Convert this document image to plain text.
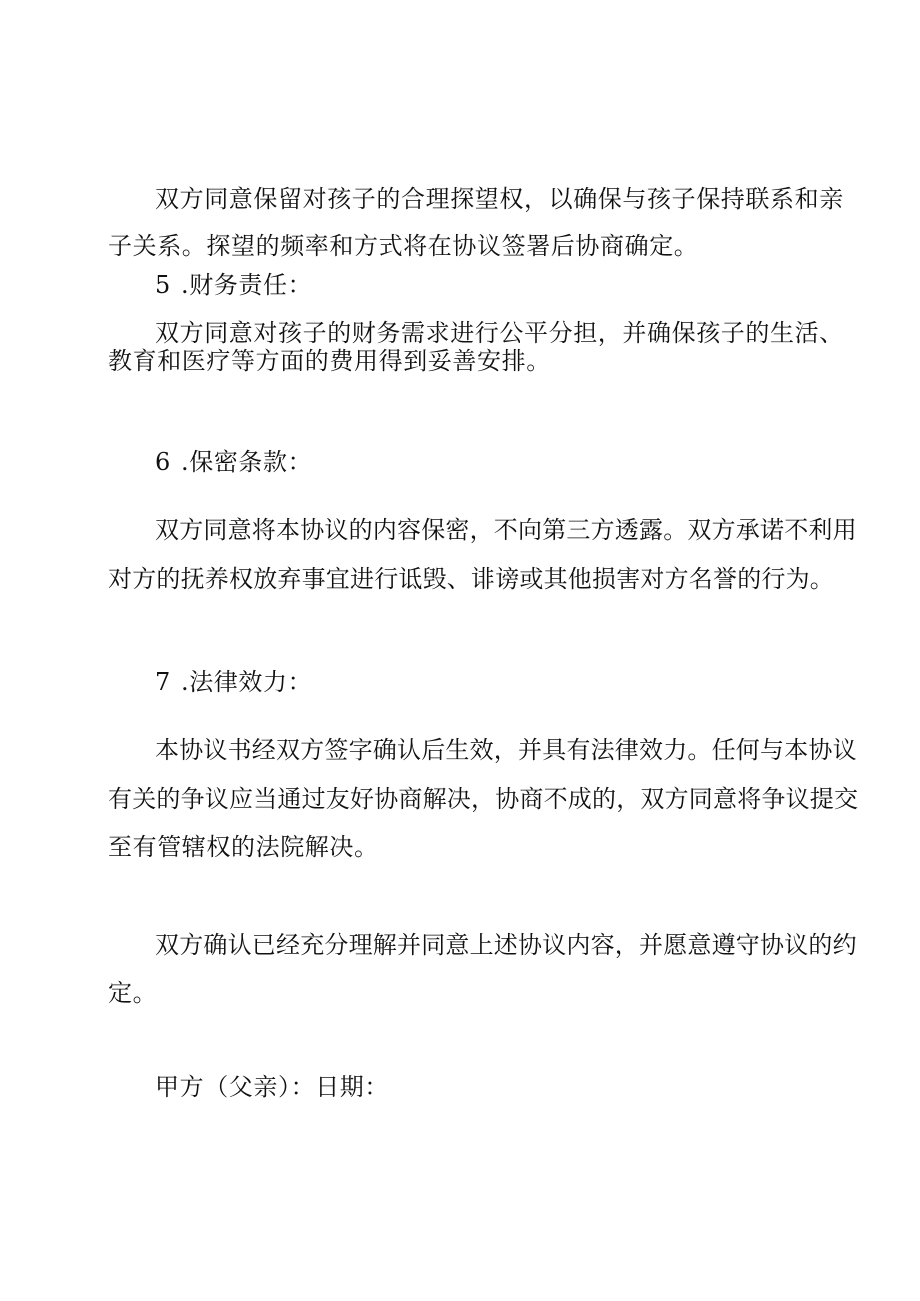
双方同意保留对孩子的合理探望权，以确保与孩子保持联系和亲
子关系。探望的频率和方式将在协议签署后协商确定。
5 .财务责任：
双方同意对孩子的财务需求进行公平分担，并确保孩子的生活、
教育和医疗等方面的费用得到妥善安排。
6 .保密条款：
双方同意将本协议的内容保密，不向第三方透露。双方承诺不利用
对方的抚养权放弃事宜进行诋毁、诽谤或其他损害对方名誉的行为。
7 .法律效力：
本协议书经双方签字确认后生效，并具有法律效力。任何与本协议
有关的争议应当通过友好协商解决，协商不成的，双方同意将争议提交
至有管辖权的法院解决。
双方确认已经充分理解并同意上述协议内容，并愿意遵守协议的约
定。
甲方（父亲）：日期：
